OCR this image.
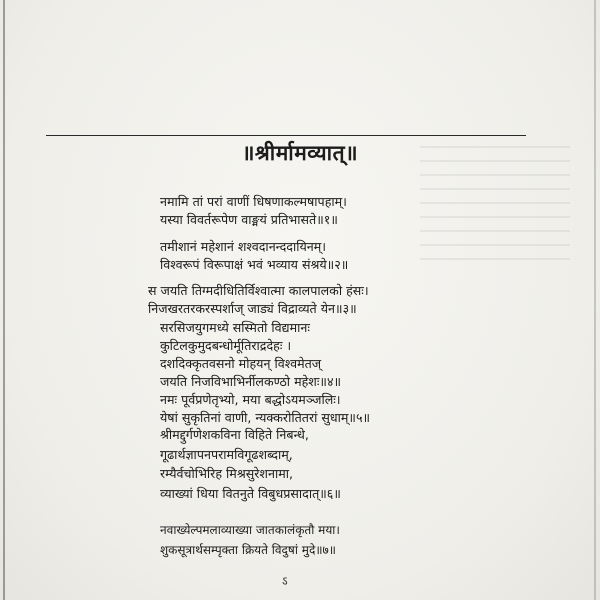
॥श्रीर्मामव्यात्॥
नमामि तां परां वाणीं धिषणाकल्मषापहाम्।
यस्या विवर्तरूपेण वाङ्मयं प्रतिभासते॥१॥
तमीशानं महेशानं शश्वदानन्ददायिनम्।
विश्वरूपं विरूपाक्षं भवं भव्याय संश्रये॥२॥
स जयति तिग्मदीधितिर्विश्वात्मा कालपालको हंसः।
निजखरतरकरस्पर्शाज् जाड्यं विद्राव्यते येन॥३॥
सरसिजयुगमध्ये सस्मितो विद्यमानः
कुटिलकुमुदबन्धोर्मूतिराद्रदेहः ।
दशदिक्कृतवसनो मोहयन् विश्वमेतज्
जयति निजविभाभिर्नीलकण्ठो महेशः॥४॥
नमः पूर्वप्रणेतृभ्यो, मया बद्धोऽयमञ्जलिः।
येषां सुकृतिनां वाणी, न्यक्करोतितरां सुधाम्॥५॥
श्रीमद्दुर्गणेशकविना विहिते निबन्धे,
गूढार्थज्ञापनपरामविगूढशब्दाम्,
रम्यैर्वचोभिरिह मिश्रसुरेशनामा,
व्याख्यां धिया वितनुते विबुधप्रसादात्॥६॥
नवाख्येल्पमलाव्याख्या जातकालंकृतौ मया।
ऽ
शुकसूत्रार्थसम्पृक्ता क्रियते विदुषां मुदे॥७॥
